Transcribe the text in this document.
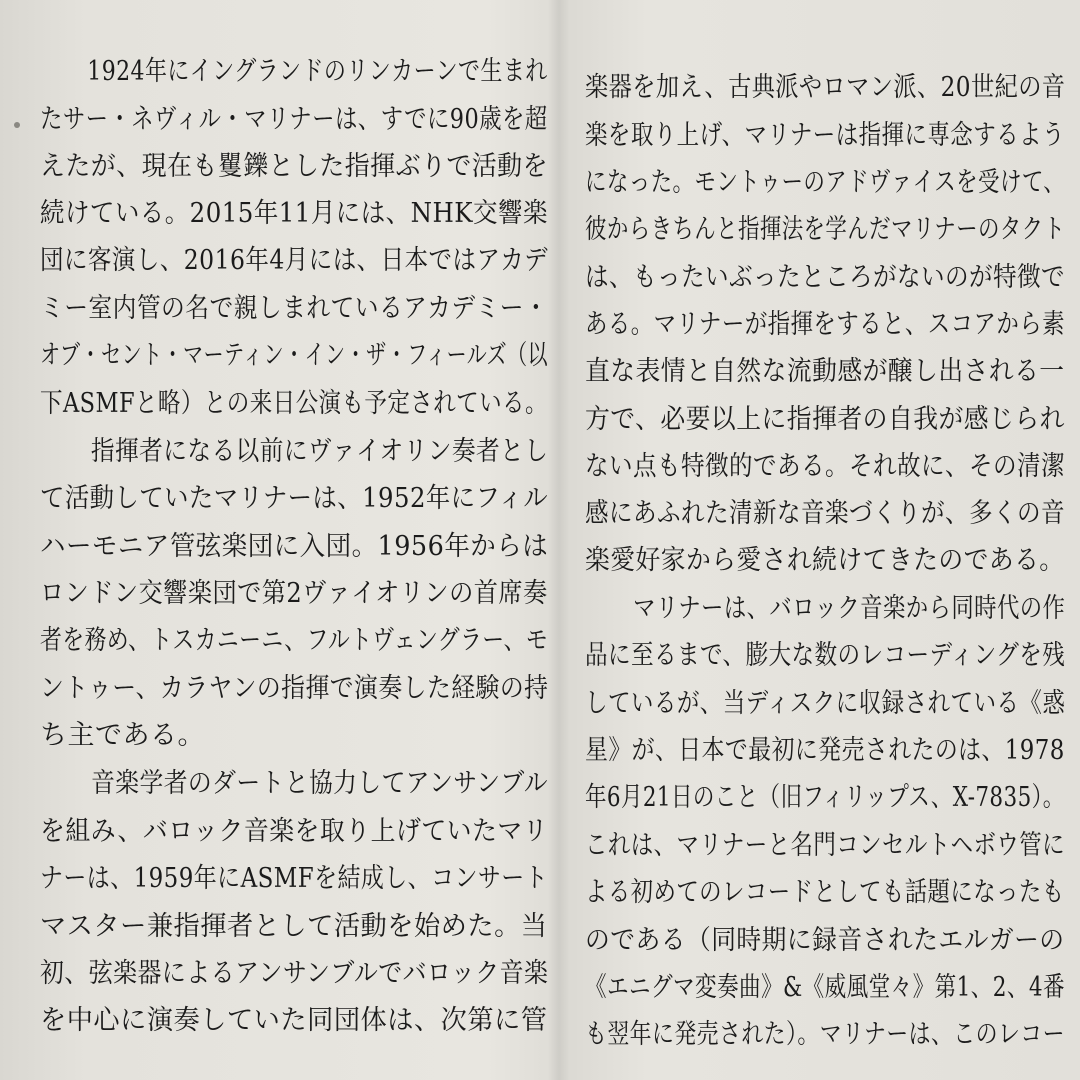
1924年にイングランドのリンカーンで生まれ
たサー・ネヴィル・マリナーは、すでに90歳を超
えたが、現在も矍鑠とした指揮ぶりで活動を
続けている。2015年11月には、NHK交響楽
団に客演し、2016年4月には、日本ではアカデ
ミー室内管の名で親しまれているアカデミー・
オブ・セント・マーティン・イン・ザ・フィールズ（以
下ASMFと略）との来日公演も予定されている。
指揮者になる以前にヴァイオリン奏者とし
て活動していたマリナーは、1952年にフィル
ハーモニア管弦楽団に入団。1956年からは
ロンドン交響楽団で第2ヴァイオリンの首席奏
者を務め、トスカニーニ、フルトヴェングラー、モ
ントゥー、カラヤンの指揮で演奏した経験の持
ち主である。
音楽学者のダートと協力してアンサンブル
を組み、バロック音楽を取り上げていたマリ
ナーは、1959年にASMFを結成し、コンサート
マスター兼指揮者として活動を始めた。当
初、弦楽器によるアンサンブルでバロック音楽
を中心に演奏していた同団体は、次第に管
楽器を加え、古典派やロマン派、20世紀の音
楽を取り上げ、マリナーは指揮に専念するよう
になった。モントゥーのアドヴァイスを受けて、
彼からきちんと指揮法を学んだマリナーのタクト
は、もったいぶったところがないのが特徴で
ある。マリナーが指揮をすると、スコアから素
直な表情と自然な流動感が醸し出される一
方で、必要以上に指揮者の自我が感じられ
ない点も特徴的である。それ故に、その清潔
感にあふれた清新な音楽づくりが、多くの音
楽愛好家から愛され続けてきたのである。
マリナーは、バロック音楽から同時代の作
品に至るまで、膨大な数のレコーディングを残
しているが、当ディスクに収録されている《惑
星》が、日本で最初に発売されたのは、1978
年6月21日のこと（旧フィリップス、X-7835）。
これは、マリナーと名門コンセルトヘボウ管に
よる初めてのレコードとしても話題になったも
のである（同時期に録音されたエルガーの
《エニグマ変奏曲》&《威風堂々》第1、2、4番
も翌年に発売された）。マリナーは、このレコー
